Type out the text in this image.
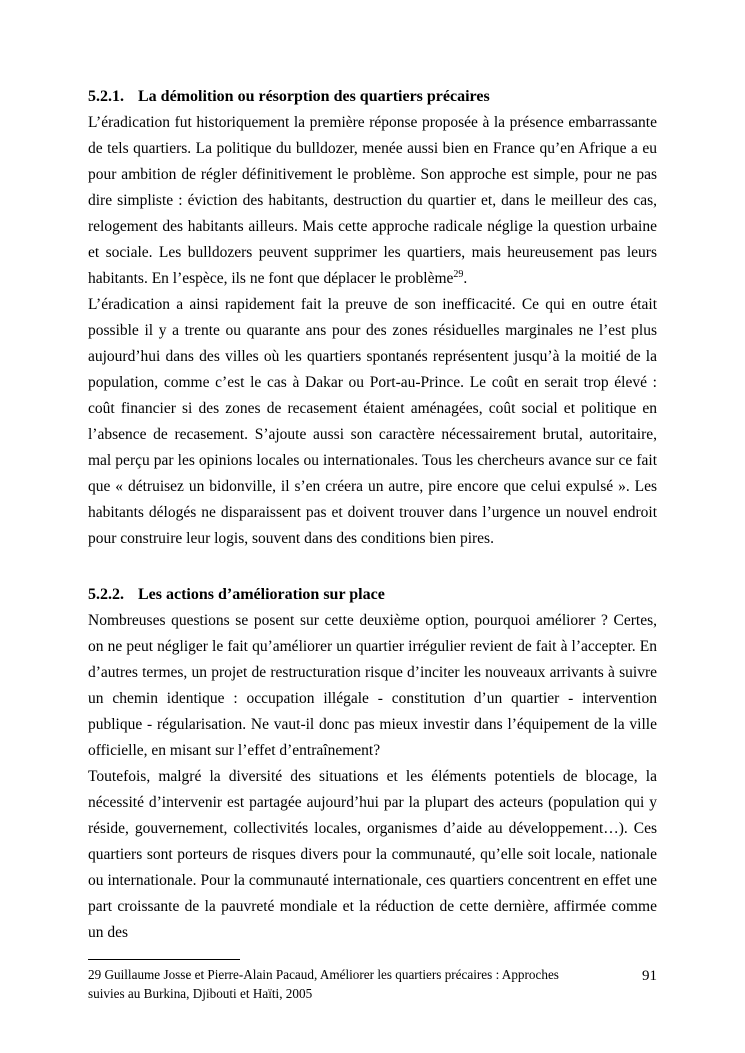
5.2.1. La démolition ou résorption des quartiers précaires

L’éradication fut historiquement la première réponse proposée à la présence embarrassante de tels quartiers. La politique du bulldozer, menée aussi bien en France qu’en Afrique a eu pour ambition de régler définitivement le problème. Son approche est simple, pour ne pas dire simpliste : éviction des habitants, destruction du quartier et, dans le meilleur des cas, relogement des habitants ailleurs. Mais cette approche radicale néglige la question urbaine et sociale. Les bulldozers peuvent supprimer les quartiers, mais heureusement pas leurs habitants. En l’espèce, ils ne font que déplacer le problème$^{29}$.

L’éradication a ainsi rapidement fait la preuve de son inefficacité. Ce qui en outre était possible il y a trente ou quarante ans pour des zones résiduelles marginales ne l’est plus aujourd’hui dans des villes où les quartiers spontanés représentent jusqu’à la moitié de la population, comme c’est le cas à Dakar ou Port-au-Prince. Le coût en serait trop élevé : coût financier si des zones de recasement étaient aménagées, coût social et politique en l’absence de recasement. S’ajoute aussi son caractère nécessairement brutal, autoritaire, mal perçu par les opinions locales ou internationales. Tous les chercheurs avance sur ce fait que « détruisez un bidonville, il s’en créera un autre, pire encore que celui expulsé ». Les habitants délogés ne disparaissent pas et doivent trouver dans l’urgence un nouvel endroit pour construire leur logis, souvent dans des conditions bien pires.

5.2.2. Les actions d’amélioration sur place

Nombreuses questions se posent sur cette deuxième option, pourquoi améliorer ? Certes, on ne peut négliger le fait qu’améliorer un quartier irrégulier revient de fait à l’accepter. En d’autres termes, un projet de restructuration risque d’inciter les nouveaux arrivants à suivre un chemin identique : occupation illégale - constitution d’un quartier - intervention publique - régularisation. Ne vaut-il donc pas mieux investir dans l’équipement de la ville officielle, en misant sur l’effet d’entraînement?

Toutefois, malgré la diversité des situations et les éléments potentiels de blocage, la nécessité d’intervenir est partagée aujourd’hui par la plupart des acteurs (population qui y réside, gouvernement, collectivités locales, organismes d’aide au développement…). Ces quartiers sont porteurs de risques divers pour la communauté, qu’elle soit locale, nationale ou internationale. Pour la communauté internationale, ces quartiers concentrent en effet une part croissante de la pauvreté mondiale et la réduction de cette dernière, affirmée comme un des

29 Guillaume Josse et Pierre-Alain Pacaud, Améliorer les quartiers précaires : Approches suivies au Burkina, Djibouti et Haïti, 2005

91
